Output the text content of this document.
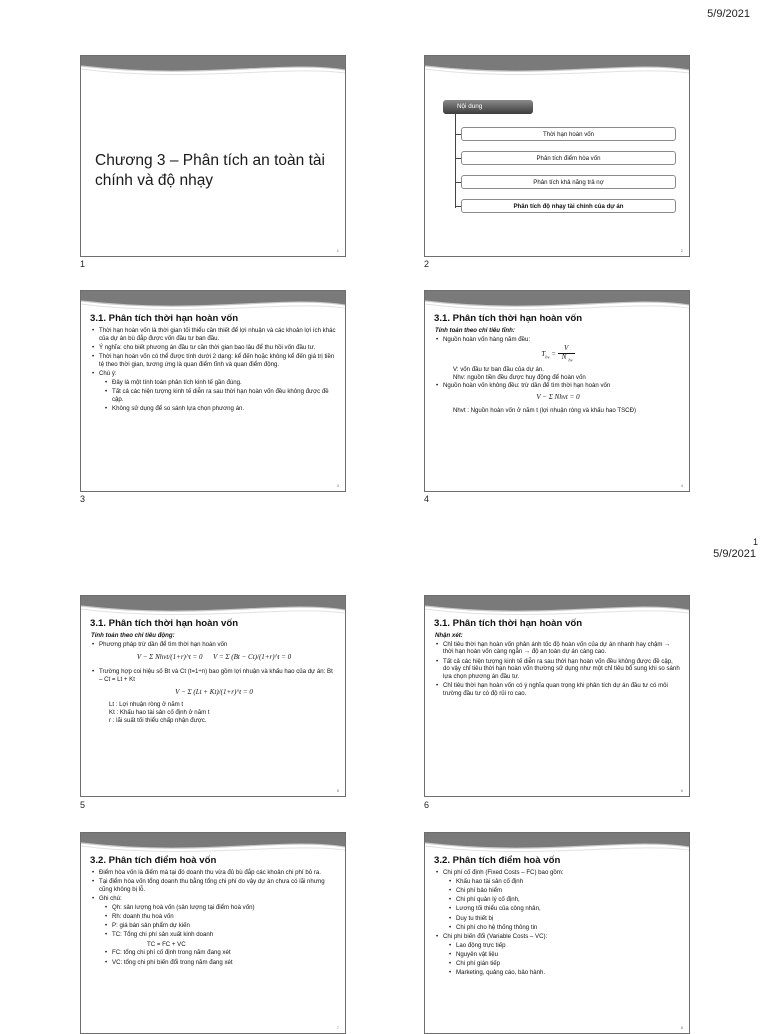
5/9/2021
5/9/2021
1
Chương 3 – Phân tích an toàn tài chính và độ nhạy
1
1
Nội dung
Thời hạn hoàn vốn
Phân tích điểm hòa vốn
Phân tích khả năng trả nợ
Phân tích độ nhạy tài chính của dự án
2
2
3.1. Phân tích thời hạn hoàn vốn
• Thời hạn hoàn vốn là thời gian tối thiểu cần thiết để lợi nhuận và các khoản lợi ích khác của dự án bù đắp được vốn đầu tư ban đầu.
• Ý nghĩa: cho biết phương án đầu tư cần thời gian bao lâu để thu hồi vốn đầu tư.
• Thời hạn hoàn vốn có thể được tính dưới 2 dạng: kể đến hoặc không kể đến giá trị tiền tệ theo thời gian, tương ứng là quan điểm tĩnh và quan điểm động.
• Chú ý:
• Đây là một tính toán phân tích kinh tế gần đúng.
• Tất cả các hiện tượng kinh tế diễn ra sau thời hạn hoàn vốn đều không được đề cập.
• Không sử dụng để so sánh lựa chọn phương án.
3
3
3.1. Phân tích thời hạn hoàn vốn
Tính toán theo chỉ tiêu tĩnh:
• Nguồn hoàn vốn hàng năm đều:
$T_{hv} = \frac{V}{N _{hv}}$
V: vốn đầu tư ban đầu của dự án.
Nhv: nguồn tiền đều được huy động để hoàn vốn
• Nguồn hoàn vốn không đều: trừ dần để tìm thời hạn hoàn vốn
V − Σ Nhvt = 0
Nhvt : Nguồn hoàn vốn ở năm t (lợi nhuận ròng và khấu hao TSCĐ)
4
4
3.1. Phân tích thời hạn hoàn vốn
Tính toán theo chỉ tiêu động:
• Phương pháp trừ dần để tìm thời hạn hoàn vốn
V − Σ Nhvt/(1+r)^t = 0 V = Σ (Bt − Ct)/(1+r)^t = 0
• Trường hợp coi hiệu số Bt và Ct (t=1÷n) bao gồm lợi nhuận và khấu hao của dự án: Bt – Ct = Lt + Kt
V − Σ (Lt + Kt)/(1+r)^t = 0
Lt : Lợi nhuận ròng ở năm t
Kt : Khấu hao tài sản cố định ở năm t
r : lãi suất tối thiểu chấp nhận được.
5
5
3.1. Phân tích thời hạn hoàn vốn
Nhận xét:
• Chỉ tiêu thời hạn hoàn vốn phản ánh tốc độ hoàn vốn của dự án nhanh hay chậm → thời hạn hoàn vốn càng ngắn → độ an toàn dự án càng cao.
• Tất cả các hiện tượng kinh tế diễn ra sau thời hạn hoàn vốn đều không được đề cập, do vậy chỉ tiêu thời hạn hoàn vốn thường sử dụng như một chỉ tiêu bổ sung khi so sánh lựa chọn phương án đầu tư.
• Chỉ tiêu thời hạn hoàn vốn có ý nghĩa quan trọng khi phân tích dự án đầu tư có môi trường đầu tư có độ rủi ro cao.
6
6
3.2. Phân tích điểm hoà vốn
• Điểm hòa vốn là điểm mà tại đó doanh thu vừa đủ bù đắp các khoản chi phí bỏ ra.
• Tại điểm hòa vốn tổng doanh thu bằng tổng chi phí do vậy dự án chưa có lãi nhưng cũng không bị lỗ.
• Ghi chú:
• Qh: sản lượng hoà vốn (sản lượng tại điểm hoà vốn)
• Rh: doanh thu hoà vốn
• P: giá bán sản phẩm dự kiến
• TC: Tổng chi phí sản xuất kinh doanh
TC = FC + VC
• FC: tổng chi phí cố định trong năm đang xét
• VC: tổng chi phí biến đổi trong năm đang xét
7
3.2. Phân tích điểm hoà vốn
• Chi phí cố định (Fixed Costs – FC) bao gồm:
• Khấu hao tài sản cố định
• Chi phí bảo hiểm
• Chi phí quản lý cố định,
• Lương tối thiểu của công nhân,
• Duy tu thiết bị
• Chi phí cho hệ thống thông tin
• Chi phí biến đổi (Variable Costs – VC):
• Lao động trực tiếp
• Nguyên vật liệu
• Chi phí gián tiếp
• Marketing, quảng cáo, bảo hành.
8
